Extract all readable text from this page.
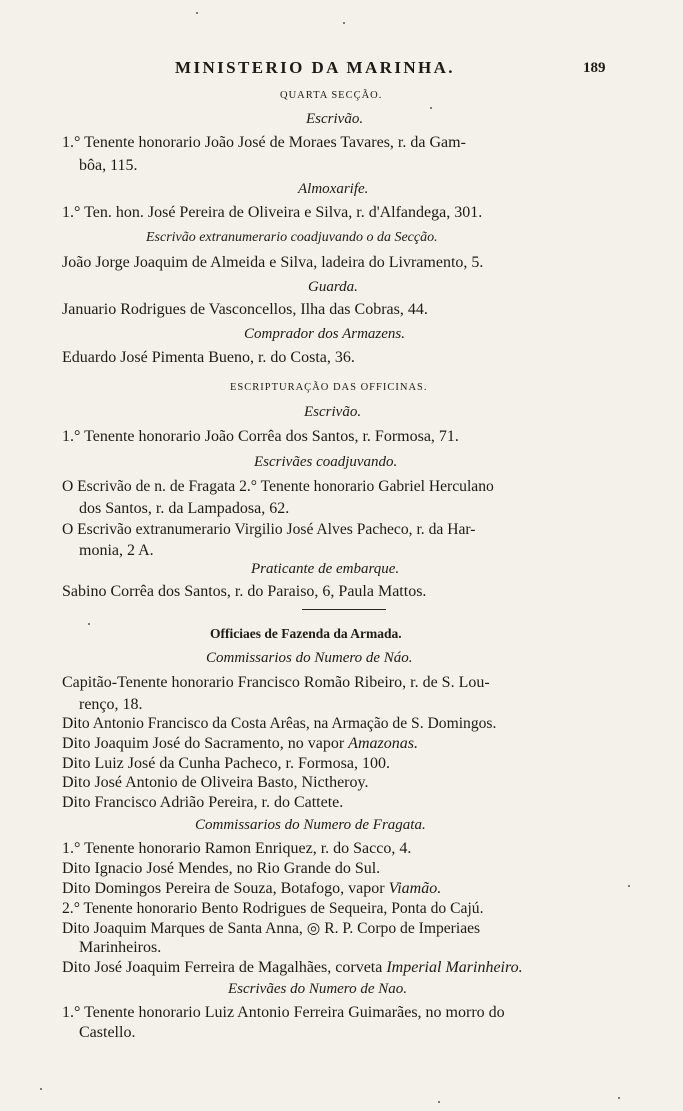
MINISTERIO DA MARINHA.	189
QUARTA SECÇÃO.
Escrivão.
1.° Tenente honorario João José de Moraes Tavares, r. da Gam-
bôa, 115.
Almoxarife.
1.° Ten. hon. José Pereira de Oliveira e Silva, r. d'Alfandega, 301.
Escrivão extranumerario coadjuvando o da Secção.
João Jorge Joaquim de Almeida e Silva, ladeira do Livramento, 5.
Guarda.
Januario Rodrigues de Vasconcellos, Ilha das Cobras, 44.
Comprador dos Armazens.
Eduardo José Pimenta Bueno, r. do Costa, 36.
ESCRIPTURAÇÃO DAS OFFICINAS.
Escrivão.
1.° Tenente honorario João Corrêa dos Santos, r. Formosa, 71.
Escrivães coadjuvando.
O Escrivão de n. de Fragata 2.° Tenente honorario Gabriel Herculano
dos Santos, r. da Lampadosa, 62.
O Escrivão extranumerario Virgilio José Alves Pacheco, r. da Har-
monia, 2 A.
Praticante de embarque.
Sabino Corrêa dos Santos, r. do Paraiso, 6, Paula Mattos.
Officiaes de Fazenda da Armada.
Commissarios do Numero de Náo.
Capitão-Tenente honorario Francisco Romão Ribeiro, r. de S. Lou-
renço, 18.
Dito Antonio Francisco da Costa Arêas, na Armação de S. Domingos.
Dito Joaquim José do Sacramento, no vapor Amazonas.
Dito Luiz José da Cunha Pacheco, r. Formosa, 100.
Dito José Antonio de Oliveira Basto, Nictheroy.
Dito Francisco Adrião Pereira, r. do Cattete.
Commissarios do Numero de Fragata.
1.° Tenente honorario Ramon Enriquez, r. do Sacco, 4.
Dito Ignacio José Mendes, no Rio Grande do Sul.
Dito Domingos Pereira de Souza, Botafogo, vapor Viamão.
2.° Tenente honorario Bento Rodrigues de Sequeira, Ponta do Cajú.
Dito Joaquim Marques de Santa Anna, ◎ R. P. Corpo de Imperiaes
Marinheiros.
Dito José Joaquim Ferreira de Magalhães, corveta Imperial Marinheiro.
Escrivães do Numero de Nao.
1.° Tenente honorario Luiz Antonio Ferreira Guimarães, no morro do
Castello.
